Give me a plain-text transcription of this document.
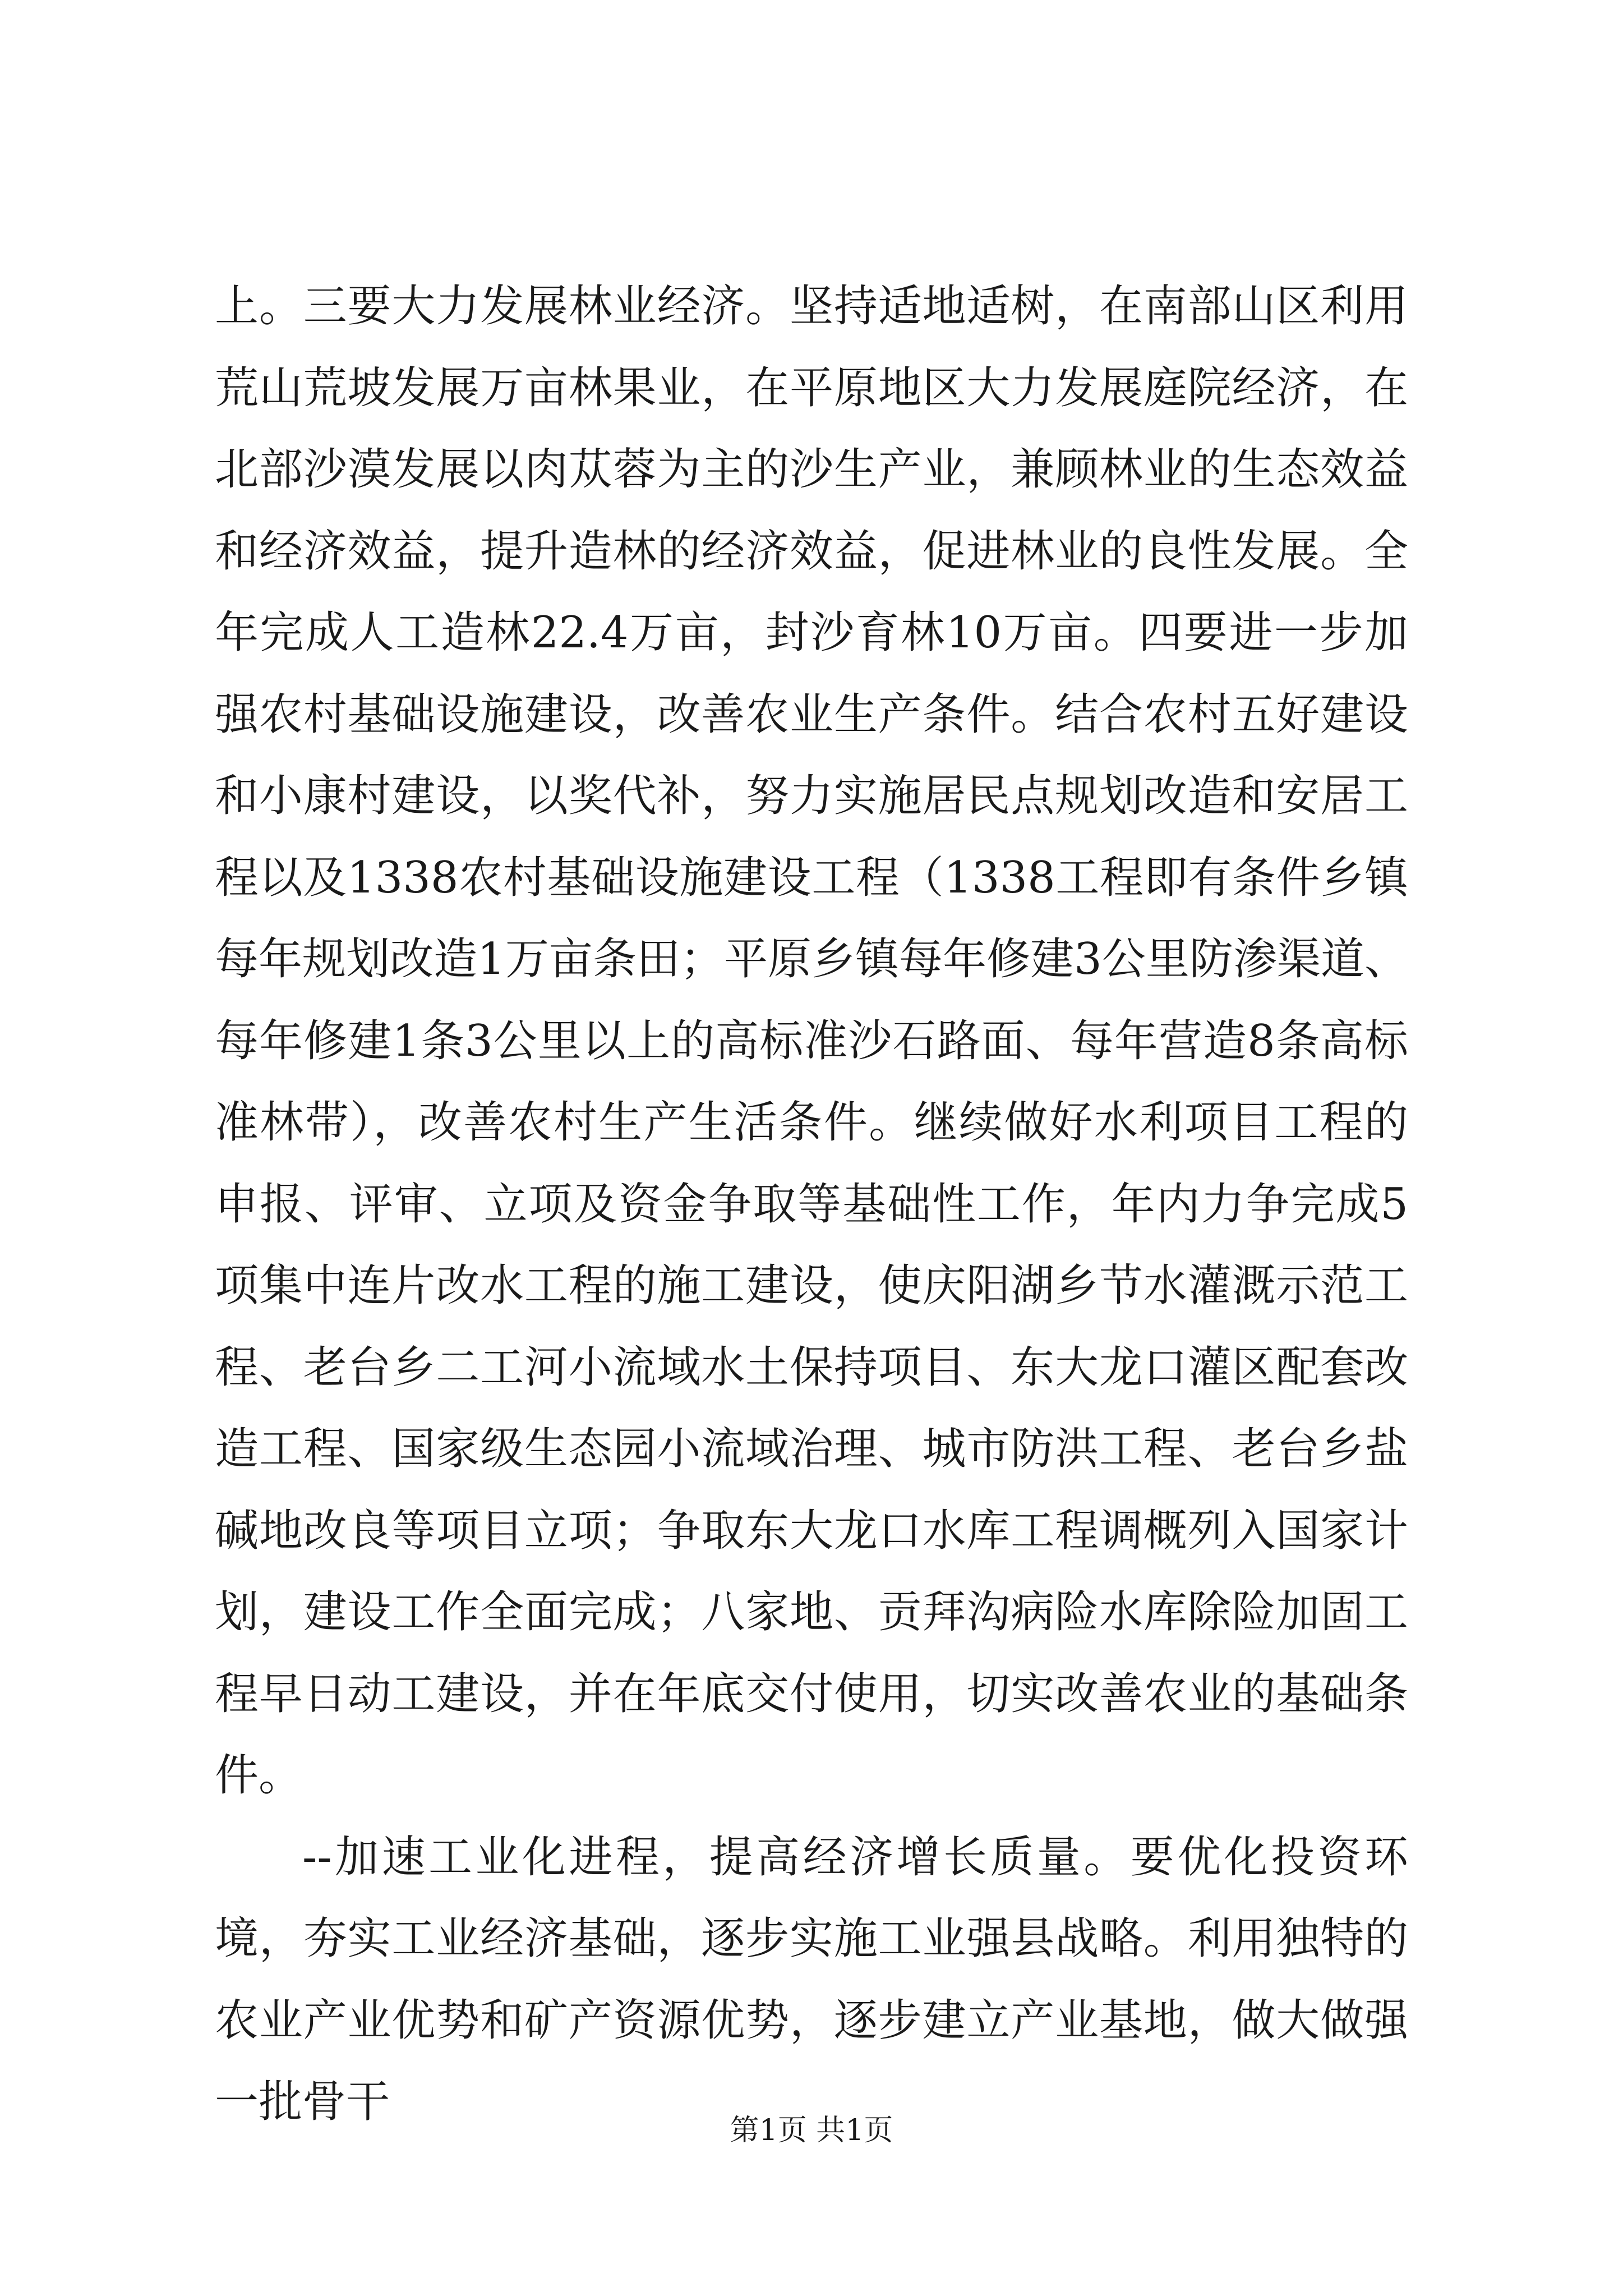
上。三要大力发展林业经济。坚持适地适树，在南部山区利用荒山荒坡发展万亩林果业，在平原地区大力发展庭院经济，在北部沙漠发展以肉苁蓉为主的沙生产业，兼顾林业的生态效益和经济效益，提升造林的经济效益，促进林业的良性发展。全年完成人工造林22.4万亩，封沙育林10万亩。四要进一步加强农村基础设施建设，改善农业生产条件。结合农村五好建设和小康村建设，以奖代补，努力实施居民点规划改造和安居工程以及1338农村基础设施建设工程（1338工程即有条件乡镇每年规划改造1万亩条田；平原乡镇每年修建3公里防渗渠道、每年修建1条3公里以上的高标准沙石路面、每年营造8条高标准林带），改善农村生产生活条件。继续做好水利项目工程的申报、评审、立项及资金争取等基础性工作，年内力争完成5项集中连片改水工程的施工建设，使庆阳湖乡节水灌溉示范工程、老台乡二工河小流域水土保持项目、东大龙口灌区配套改造工程、国家级生态园小流域治理、城市防洪工程、老台乡盐碱地改良等项目立项；争取东大龙口水库工程调概列入国家计划，建设工作全面完成；八家地、贡拜沟病险水库除险加固工程早日动工建设，并在年底交付使用，切实改善农业的基础条件。

--加速工业化进程，提高经济增长质量。要优化投资环境，夯实工业经济基础，逐步实施工业强县战略。利用独特的农业产业优势和矿产资源优势，逐步建立产业基地，做大做强一批骨干

第1页 共1页
